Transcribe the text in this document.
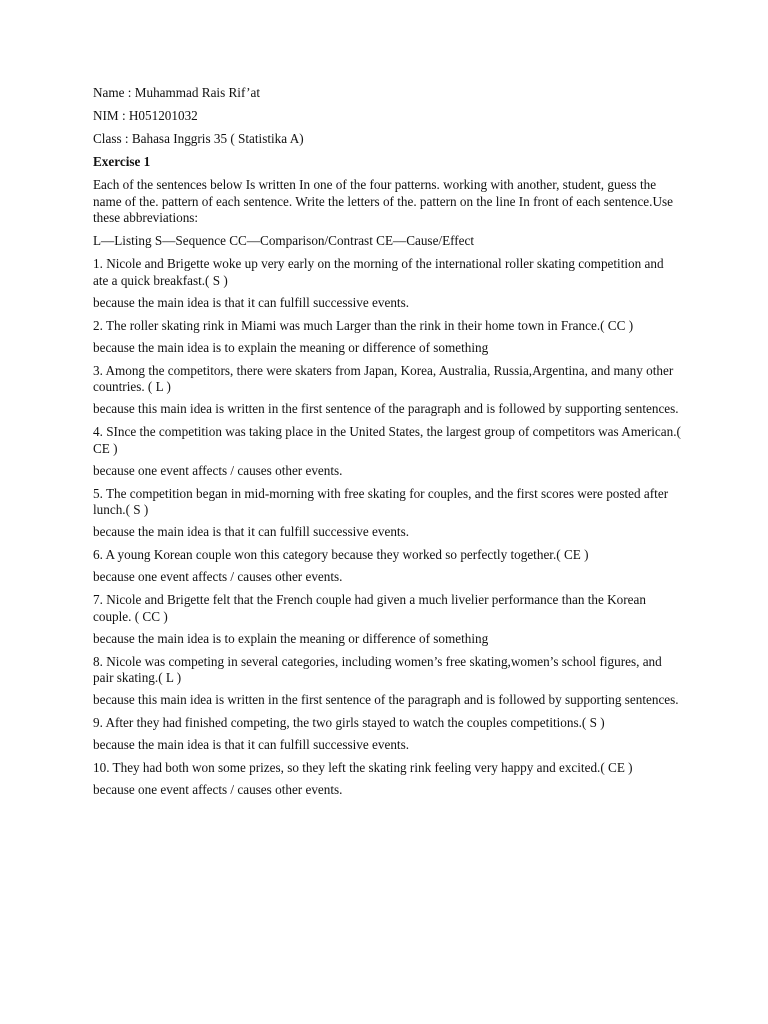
Name : Muhammad Rais Rif’at

NIM : H051201032

Class : Bahasa Inggris 35 ( Statistika A)

Exercise 1

Each of the sentences below Is written In one of the four patterns. working with another, student, guess the name of the. pattern of each sentence. Write the letters of the. pattern on the line In front of each sentence.Use these abbreviations:

L—Listing S—Sequence CC—Comparison/Contrast CE—Cause/Effect

1. Nicole and Brigette woke up very early on the morning of the international roller skating competition and ate a quick breakfast.( S )

because the main idea is that it can fulfill successive events.

2. The roller skating rink in Miami was much Larger than the rink in their home town in France.( CC )

because the main idea is to explain the meaning or difference of something

3. Among the competitors, there were skaters from Japan, Korea, Australia, Russia,Argentina, and many other countries. ( L )

because this main idea is written in the first sentence of the paragraph and is followed by supporting sentences.

4. SInce the competition was taking place in the United States, the largest group of competitors was American.( CE )

because one event affects / causes other events.

5. The competition began in mid-morning with free skating for couples, and the first scores were posted after lunch.( S )

because the main idea is that it can fulfill successive events.

6. A young Korean couple won this category because they worked so perfectly together.( CE )

because one event affects / causes other events.

7. Nicole and Brigette felt that the French couple had given a much livelier performance than the Korean couple. ( CC )

because the main idea is to explain the meaning or difference of something

8. Nicole was competing in several categories, including women’s free skating,women’s school figures, and pair skating.( L )

because this main idea is written in the first sentence of the paragraph and is followed by supporting sentences.

9. After they had finished competing, the two girls stayed to watch the couples competitions.( S )

because the main idea is that it can fulfill successive events.

10. They had both won some prizes, so they left the skating rink feeling very happy and excited.( CE )

because one event affects / causes other events.
